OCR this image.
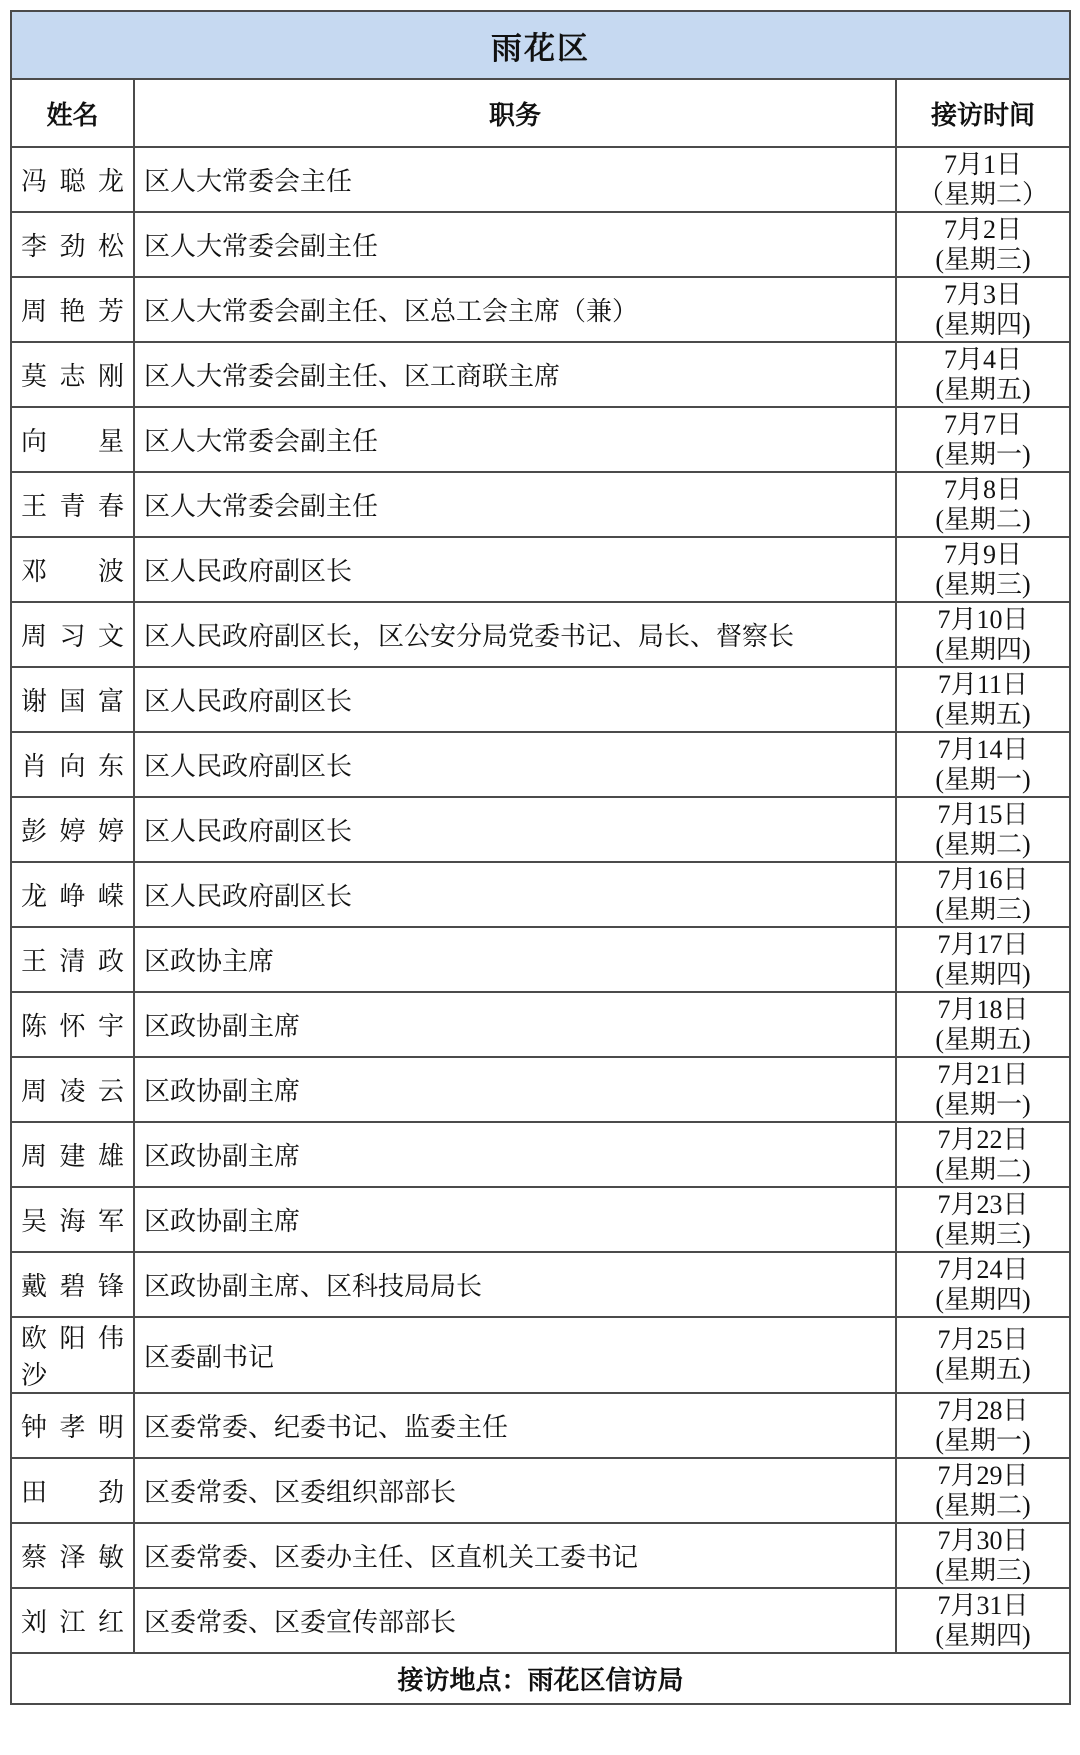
雨花区		
姓名	职务	接访时间
冯聪龙	区人大常委会主任	7月1日
（星期二）

李劲松	区人大常委会副主任	7月2日
(星期三)

周艳芳	区人大常委会副主任、区总工会主席（兼）	7月3日
(星期四)

莫志刚	区人大常委会副主任、区工商联主席	7月4日
(星期五)

向　星	区人大常委会副主任	7月7日
(星期一)

王青春	区人大常委会副主任	7月8日
(星期二)

邓　波	区人民政府副区长	7月9日
(星期三)

周习文	区人民政府副区长，区公安分局党委书记、局长、督察长	7月10日
(星期四)

谢国富	区人民政府副区长	7月11日
(星期五)

肖向东	区人民政府副区长	7月14日
(星期一)

彭婷婷	区人民政府副区长	7月15日
(星期二)

龙峥嵘	区人民政府副区长	7月16日
(星期三)

王清政	区政协主席	7月17日
(星期四)

陈怀宇	区政协副主席	7月18日
(星期五)

周凌云	区政协副主席	7月21日
(星期一)

周建雄	区政协副主席	7月22日
(星期二)

吴海军	区政协副主席	7月23日
(星期三)

戴碧锋	区政协副主席、区科技局局长	7月24日
(星期四)

欧阳伟沙	区委副书记	7月25日
(星期五)

钟孝明	区委常委、纪委书记、监委主任	7月28日
(星期一)

田　劲	区委常委、区委组织部部长	7月29日
(星期二)

蔡泽敏	区委常委、区委办主任、区直机关工委书记	7月30日
(星期三)

刘江红	区委常委、区委宣传部部长	7月31日
(星期四)

接访地点：雨花区信访局		
